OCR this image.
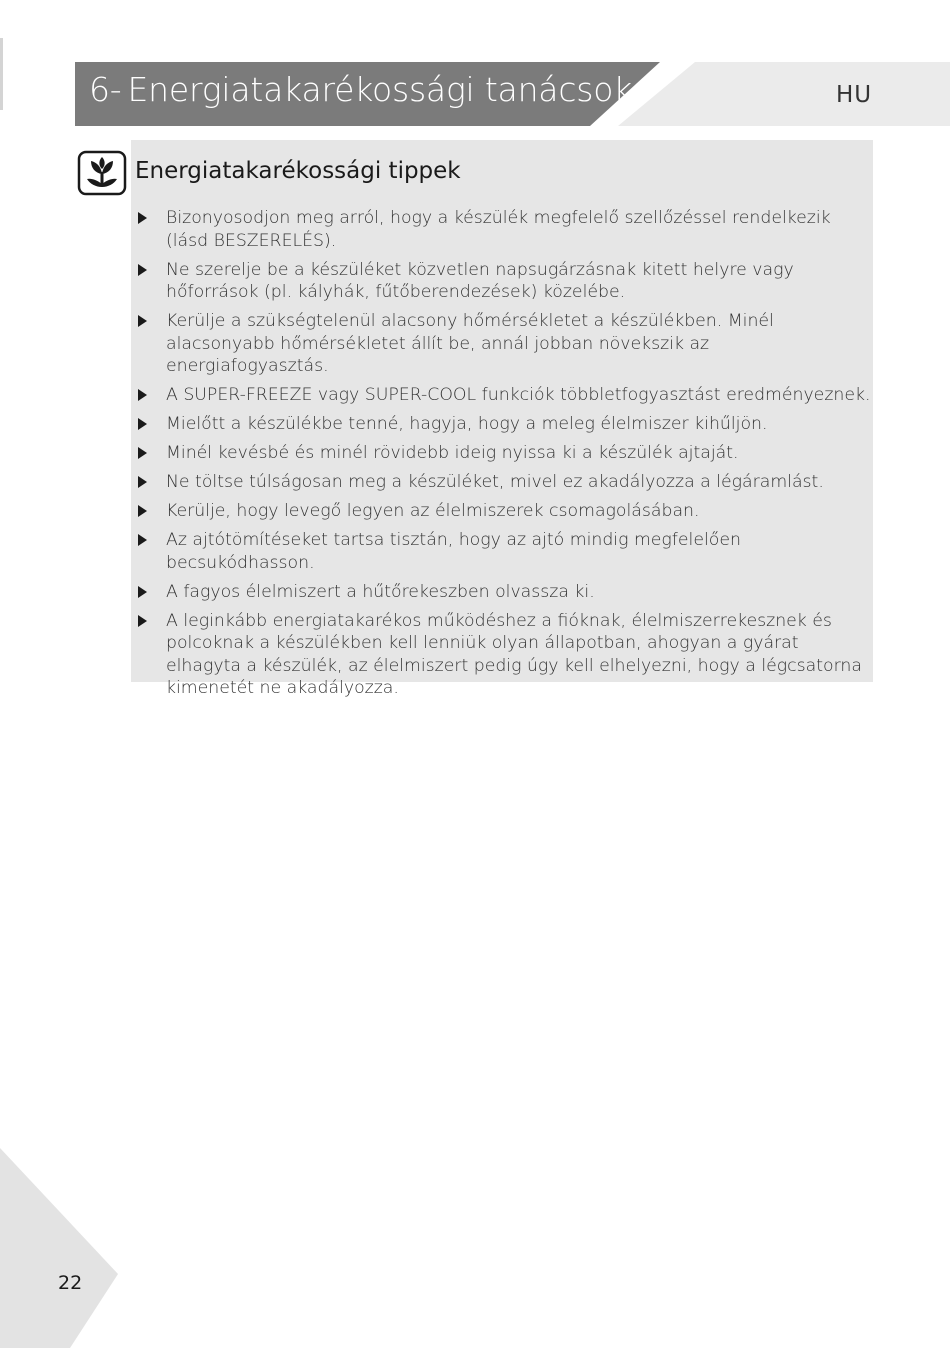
6- Energiatakarékossági tanácsok	HU
Energiatakarékossági tippek
Bizonyosodjon meg arról, hogy a készülék megfelelő szellőzéssel rendelkezik (lásd BESZERELÉS).
Ne szerelje be a készüléket közvetlen napsugárzásnak kitett helyre vagy hőforrások (pl. kályhák, fűtőberendezések) közelébe.
Kerülje a szükségtelenül alacsony hőmérsékletet a készülékben. Minél alacsonyabb hőmérsékletet állít be, annál jobban növekszik az energiafogyasztás.
A SUPER-FREEZE vagy SUPER-COOL funkciók többletfogyasztást eredményeznek.
Mielőtt a készülékbe tenné, hagyja, hogy a meleg élelmiszer kihűljön.
Minél kevésbé és minél rövidebb ideig nyissa ki a készülék ajtaját.
Ne töltse túlságosan meg a készüléket, mivel ez akadályozza a légáramlást.
Kerülje, hogy levegő legyen az élelmiszerek csomagolásában.
Az ajtótömítéseket tartsa tisztán, hogy az ajtó mindig megfelelően becsukódhasson.
A fagyos élelmiszert a hűtőrekeszben olvassza ki.
A leginkább energiatakarékos működéshez a fióknak, élelmiszerrekesznek és polcoknak a készülékben kell lenniük olyan állapotban, ahogyan a gyárat elhagyta a készülék, az élelmiszert pedig úgy kell elhelyezni, hogy a légcsatorna kimenetét ne akadályozza.
22
